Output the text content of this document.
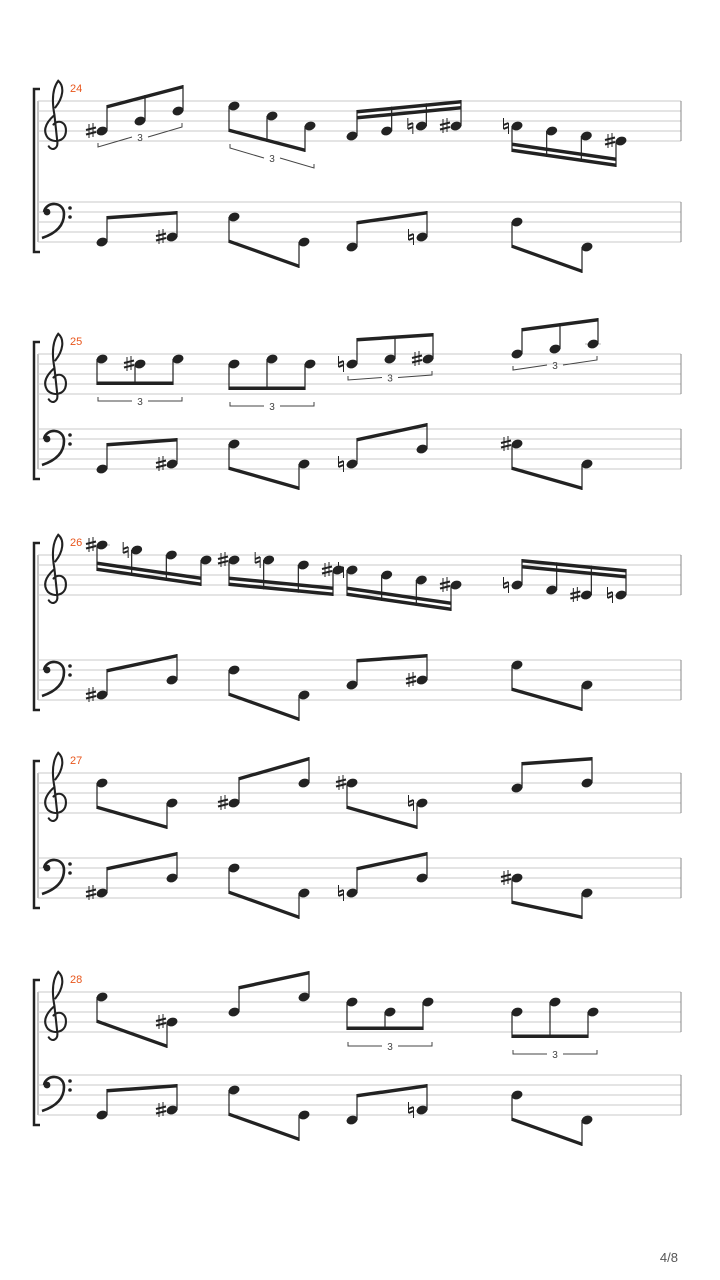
24
3
3
25
3	3
3
3
26
27
28
3
3
4/8
